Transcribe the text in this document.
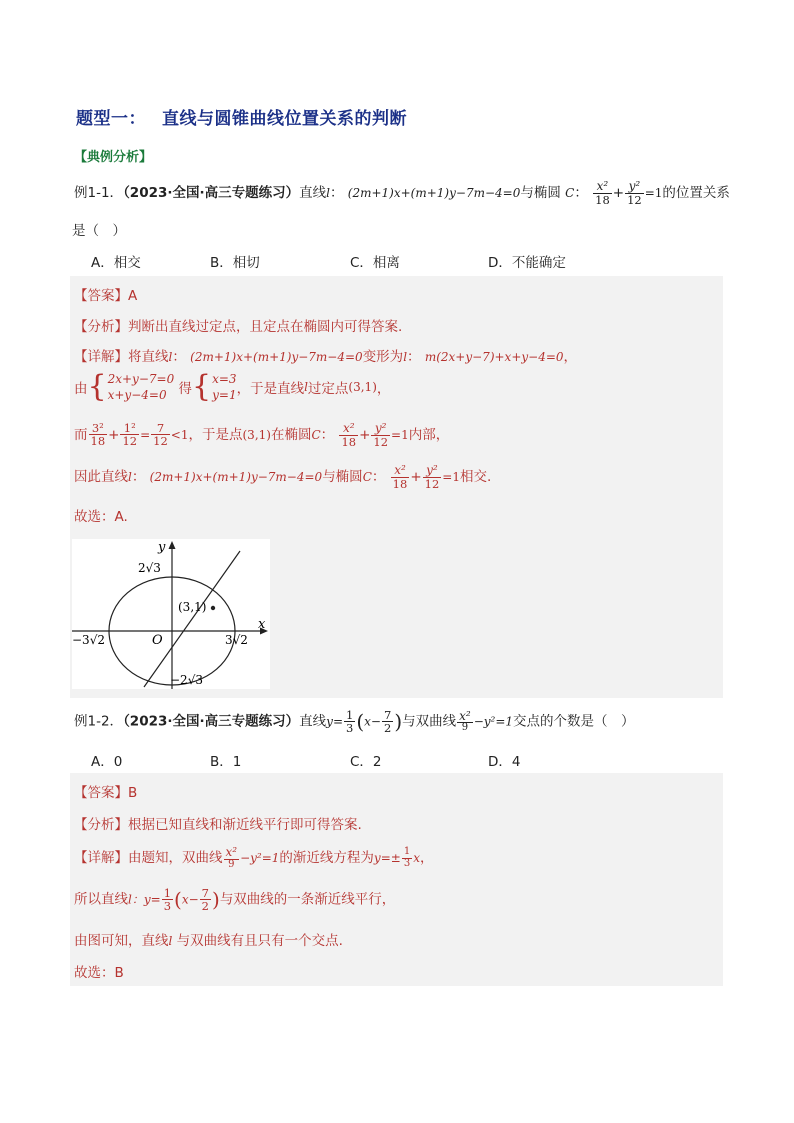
题型一： 直线与圆锥曲线位置关系的判断
【典例分析】
例1-1．（2023·全国·高三专题练习）直线l： (2m+1)x+(m+1)y−7m−4=0与椭圆 C： $\frac{\text{x²}}{18} + \frac{\text{y²}}{12} =1$的位置关系
是（　）
A．相交	B．相切	C．相离	D．不能确定
【答案】A
【分析】判断出直线过定点，且定点在椭圆内可得答案.
【详解】将直线l： (2m+1)x+(m+1)y−7m−4=0变形为l： m(2x+y−7)+x+y−4=0，
由{ 2x+y−7=0
x+y−4=0 得{ x=3
y=1 ，于是直线l过定点(3,1)，
而 $\frac{\text{3²}}{18} + \frac{\text{1²}}{12} = \frac{7}{12} <1$，于是点(3,1)在椭圆C： $\frac{\text{x²}}{18} + \frac{\text{y²}}{12} =1$内部，
因此直线l： (2m+1)x+(m+1)y−7m−4=0与椭圆C： $\frac{\text{x²}}{18} + \frac{\text{y²}}{12} =1$相交.
故选：A.
y
x
2√3
−2√3
−3√2	3√2
O
(3,1)
例1-2．（2023·全国·高三专题练习）直线$y= \frac{1}{3} (x- \frac{7}{2}$ )与双曲线 $\frac{\text{x²}}{9} -y^2=1$交点的个数是（　）
A．0	B．1	C．2	D．4
【答案】B
【分析】根据已知直线和渐近线平行即可得答案.
【详解】由题知，双曲线 $\frac{\text{x²}}{9} -y^2=1$的渐近线方程为$y=\pm \frac{1}{3}$ x，
所以直线l：$y= \frac{1}{3} (x- \frac{7}{2}$ )与双曲线的一条渐近线平行，
由图可知，直线l 与双曲线有且只有一个交点.
故选：B
